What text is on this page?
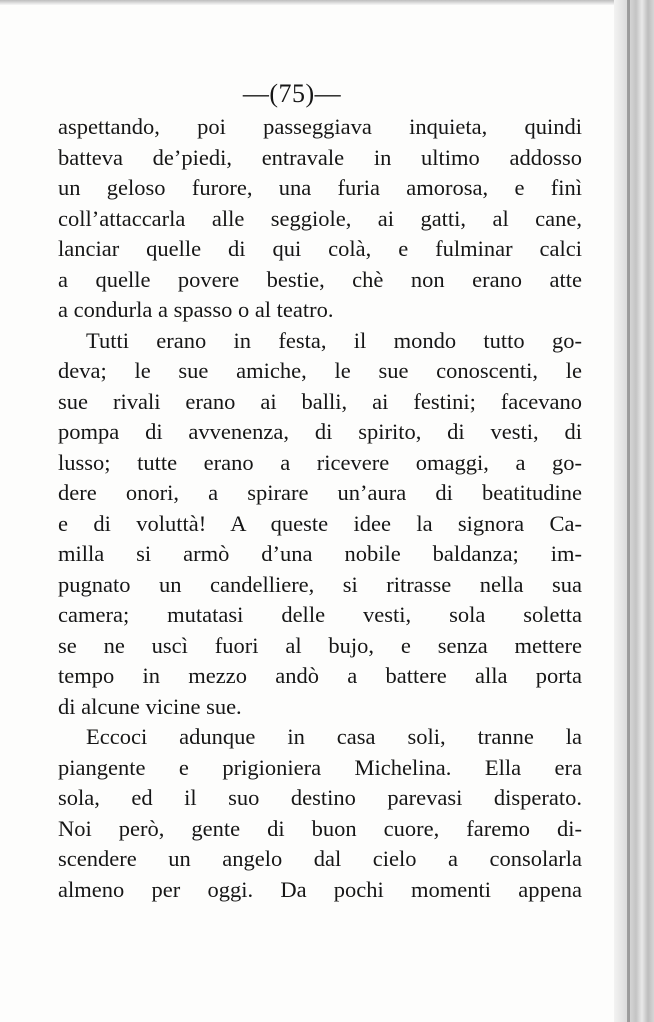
—(75)—
aspettando, poi passeggiava inquieta, quindi
batteva de’piedi, entravale in ultimo addosso
un geloso furore, una furia amorosa, e finì
coll’attaccarla alle seggiole, ai gatti, al cane,
lanciar quelle di qui colà, e fulminar calci
a quelle povere bestie, chè non erano atte
a condurla a spasso o al teatro.
Tutti erano in festa, il mondo tutto go-
deva; le sue amiche, le sue conoscenti, le
sue rivali erano ai balli, ai festini; facevano
pompa di avvenenza, di spirito, di vesti, di
lusso; tutte erano a ricevere omaggi, a go-
dere onori, a spirare un’aura di beatitudine
e di voluttà! A queste idee la signora Ca-
milla si armò d’una nobile baldanza; im-
pugnato un candelliere, si ritrasse nella sua
camera; mutatasi delle vesti, sola soletta
se ne uscì fuori al bujo, e senza mettere
tempo in mezzo andò a battere alla porta
di alcune vicine sue.
Eccoci adunque in casa soli, tranne la
piangente e prigioniera Michelina. Ella era
sola, ed il suo destino parevasi disperato.
Noi però, gente di buon cuore, faremo di-
scendere un angelo dal cielo a consolarla
almeno per oggi. Da pochi momenti appena
